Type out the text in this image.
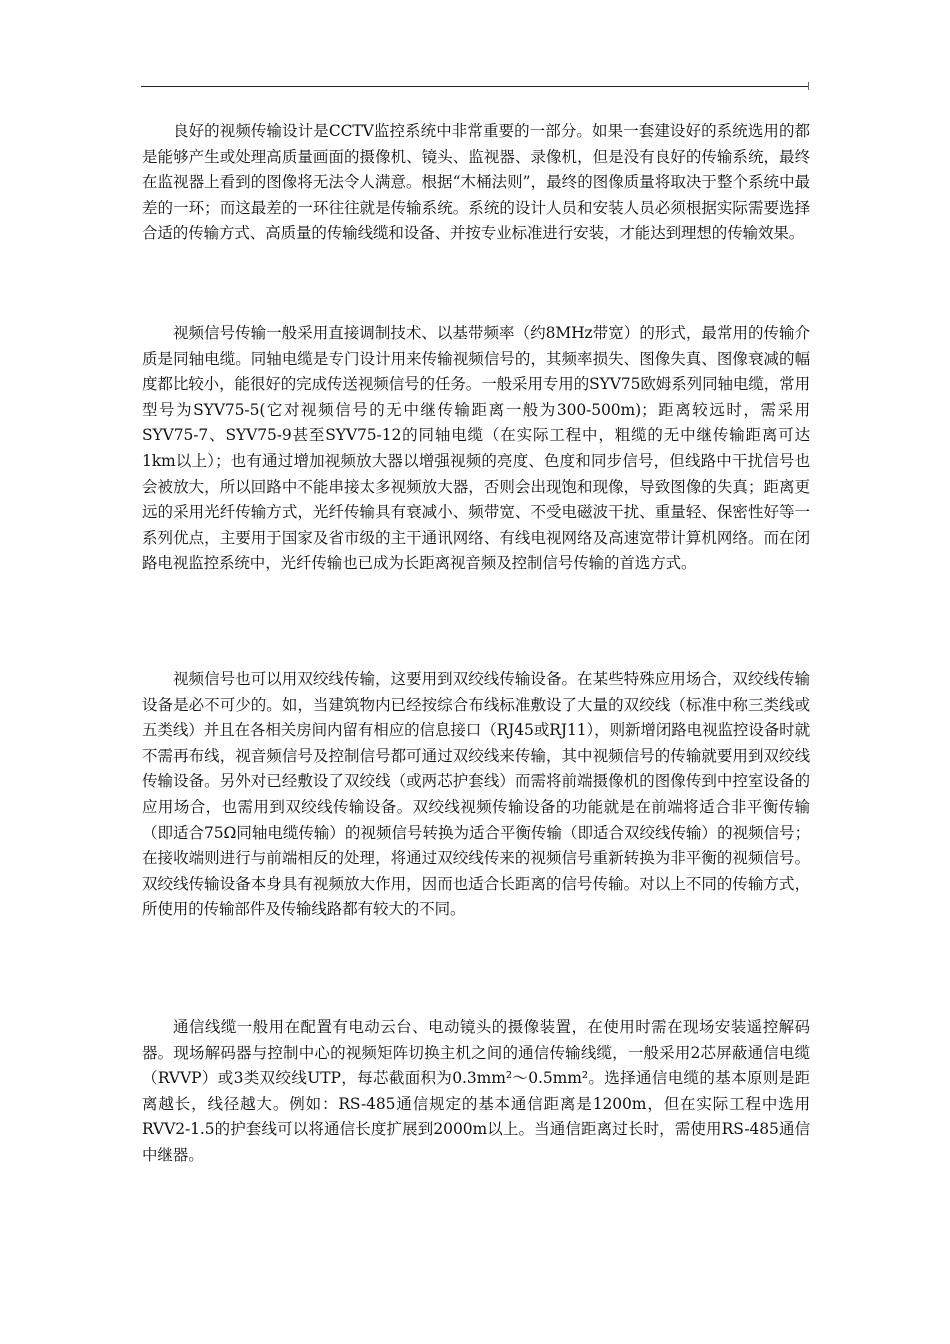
良好的视频传输设计是CCTV监控系统中非常重要的一部分。如果一套建设好的系统选用的都是能够产生或处理高质量画面的摄像机、镜头、监视器、录像机，但是没有良好的传输系统，最终在监视器上看到的图像将无法令人满意。根据“木桶法则”，最终的图像质量将取决于整个系统中最差的一环；而这最差的一环往往就是传输系统。系统的设计人员和安装人员必须根据实际需要选择合适的传输方式、高质量的传输线缆和设备、并按专业标准进行安装，才能达到理想的传输效果。

视频信号传输一般采用直接调制技术、以基带频率（约8MHz带宽）的形式，最常用的传输介质是同轴电缆。同轴电缆是专门设计用来传输视频信号的，其频率损失、图像失真、图像衰减的幅度都比较小，能很好的完成传送视频信号的任务。一般采用专用的SYV75欧姆系列同轴电缆，常用型号为SYV75-5(它对视频信号的无中继传输距离一般为300-500m)；距离较远时，需采用SYV75-7、SYV75-9甚至SYV75-12的同轴电缆（在实际工程中，粗缆的无中继传输距离可达1km以上）；也有通过增加视频放大器以增强视频的亮度、色度和同步信号，但线路中干扰信号也会被放大，所以回路中不能串接太多视频放大器，否则会出现饱和现像，导致图像的失真；距离更远的采用光纤传输方式，光纤传输具有衰减小、频带宽、不受电磁波干扰、重量轻、保密性好等一系列优点，主要用于国家及省市级的主干通讯网络、有线电视网络及高速宽带计算机网络。而在闭路电视监控系统中，光纤传输也已成为长距离视音频及控制信号传输的首选方式。

视频信号也可以用双绞线传输，这要用到双绞线传输设备。在某些特殊应用场合，双绞线传输设备是必不可少的。如，当建筑物内已经按综合布线标准敷设了大量的双绞线（标准中称三类线或五类线）并且在各相关房间内留有相应的信息接口（RJ45或RJ11），则新增闭路电视监控设备时就不需再布线，视音频信号及控制信号都可通过双绞线来传输，其中视频信号的传输就要用到双绞线传输设备。另外对已经敷设了双绞线（或两芯护套线）而需将前端摄像机的图像传到中控室设备的应用场合，也需用到双绞线传输设备。双绞线视频传输设备的功能就是在前端将适合非平衡传输（即适合75Ω同轴电缆传输）的视频信号转换为适合平衡传输（即适合双绞线传输）的视频信号；在接收端则进行与前端相反的处理，将通过双绞线传来的视频信号重新转换为非平衡的视频信号。双绞线传输设备本身具有视频放大作用，因而也适合长距离的信号传输。对以上不同的传输方式，所使用的传输部件及传输线路都有较大的不同。

通信线缆一般用在配置有电动云台、电动镜头的摄像装置，在使用时需在现场安装遥控解码器。现场解码器与控制中心的视频矩阵切换主机之间的通信传输线缆，一般采用2芯屏蔽通信电缆（RVVP）或3类双绞线UTP，每芯截面积为0.3mm²～0.5mm²。选择通信电缆的基本原则是距离越长，线径越大。例如：RS-485通信规定的基本通信距离是1200m，但在实际工程中选用RVV2-1.5的护套线可以将通信长度扩展到2000m以上。当通信距离过长时，需使用RS-485通信中继器。
